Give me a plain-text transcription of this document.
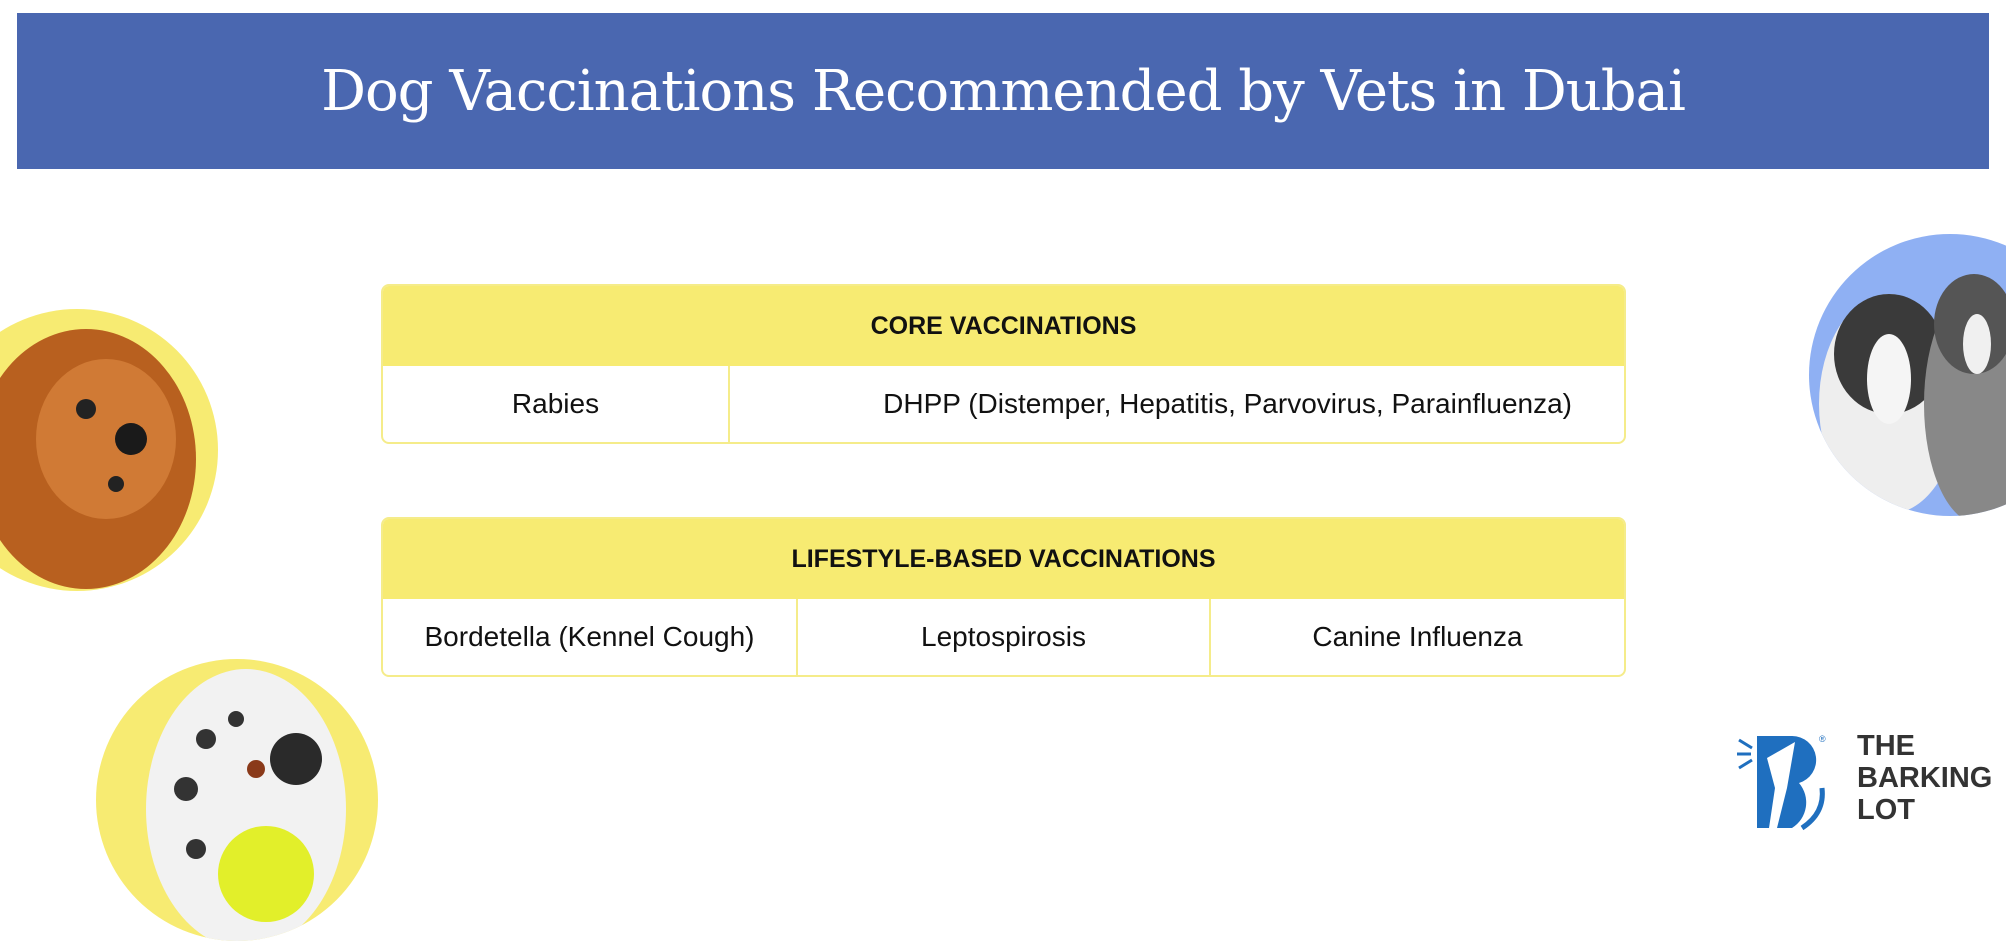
Dog Vaccinations Recommended by Vets in Dubai
CORE VACCINATIONS
Rabies	DHPP (Distemper, Hepatitis, Parvovirus, Parainfluenza)
LIFESTYLE-BASED VACCINATIONS
Bordetella (Kennel Cough)	Leptospirosis	Canine Influenza
® THE
BARKING
LOT
